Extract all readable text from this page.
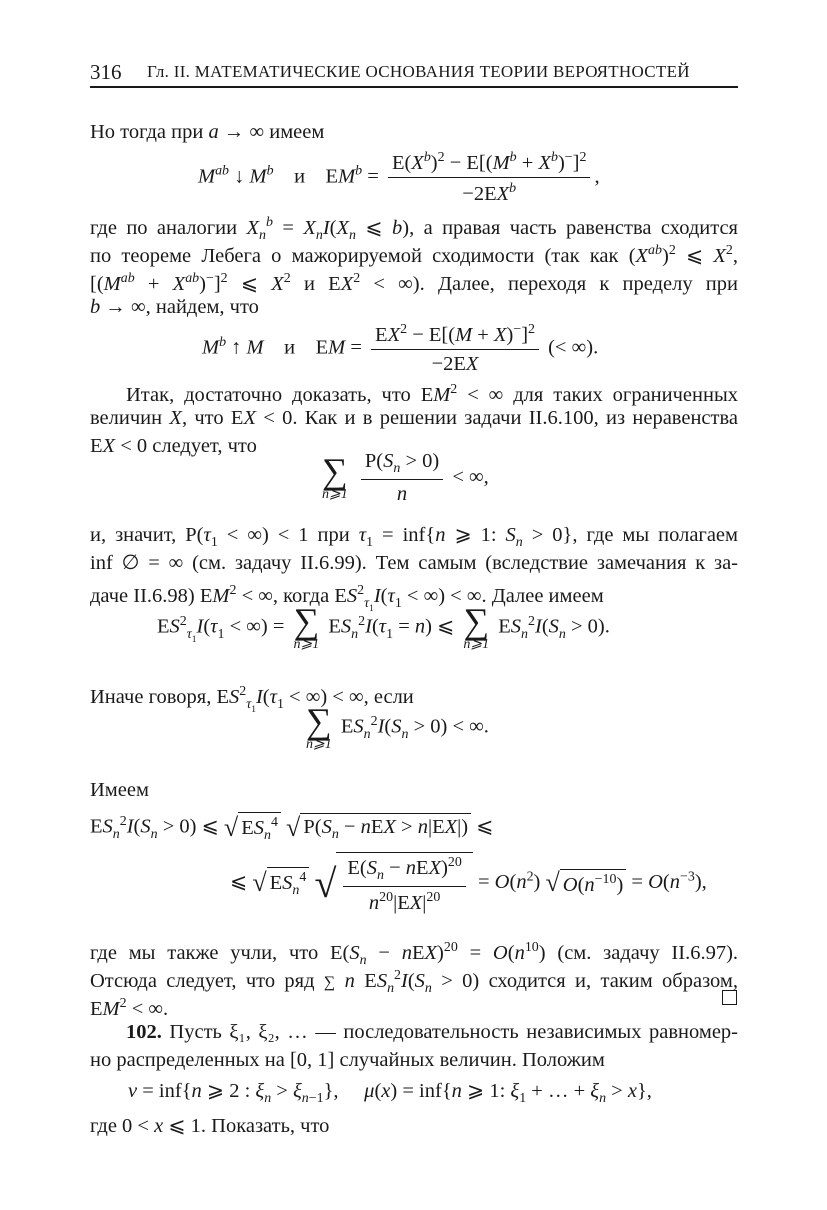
316 Гл. II. МАТЕМАТИЧЕСКИЕ ОСНОВАНИЯ ТЕОРИИ ВЕРОЯТНОСТЕЙ
Но тогда при a → ∞ имеем
$M^{ab}$ ↓ $M^b$ и    $EM^b = \frac{E(X^b)^2 - E[(M^b + X^b)^-]^2}{-2EX^b}$ ,
где по аналогии $X_n^b = X_nI(X_n$ ⩽ b), а правая часть равенства сходится
по теореме Лебега о мажорируемой сходимости (так как $(X^{ab})^2$ ⩽ $X^2$,
$[(M^{ab} + X^{ab})^-]^2$ ⩽ $X^2$ и $EX^2$ < ∞). Далее, переходя к пределу при
b → ∞, найдем, что
$M^b$ ↑ M и    EM = $\frac{EX^2 - E[(M + X)^-]^2}{-2EX}$ (< ∞).
Итак, достаточно доказать, что $EM^2$ < ∞ для таких ограниченных
величин X, что EX < 0. Как и в решении задачи II.6.100, из неравенства
EX < 0 следует, что
∑
n⩾1
$\frac{P(S_n > 0)}{n}$ < ∞,
и, значит, $P(\tau_1$ < ∞) < 1 при $\tau_1 = inf\{n$ ⩾ 1: $S_n > 0$}, где мы полагаем
inf ∅ = ∞ (см. задачу II.6.99). Тем самым (вследствие замечания к за-
даче II.6.98) $EM^2$ < ∞, когда $ES^2_{\tau_1}I(\tau_1$ < ∞) < ∞. Далее имеем
$ES^2_{\tau_1}I(\tau_1$ < ∞) = ∑
n⩾1
$ES_n^2I(\tau_1 = n)$ ⩽ ∑
n⩾1
$ES_n^2I(S_n > 0)$.
Иначе говоря, $ES^2_{\tau_1}I(\tau_1$ < ∞) < ∞, если
∑
n⩾1
$ES_n^2I(S_n > 0)$ < ∞.
Имеем
$ES_n^2I(S_n > 0)$ ⩽ √ $ES_n^4$ √ $P(S_n$ − nEX > n|EX|) ⩽
⩽ √ $ES_n^4$ √ $\frac{E(S_n - nEX)^{20}}{n^{20}|EX|^{20}} = O(n^2)$ √ $O(n^{-10}) = O(n^{-3})$,
где мы также учли, что $E(S_n - nEX)^{20} = O(n^{10})$ (см. задачу II.6.97).
Отсюда следует, что ряд ∑ n $ES_n^2I(S_n > 0)$ сходится и, таким образом,
$EM^2$ < ∞.
102. Пусть ξ₁, ξ₂, … — последовательность независимых равномер-
но распределенных на [0, 1] случайных величин. Положим
ν = inf{n ⩾ 2 : $\xi_n > \xi_{n-1}$},     μ(x) = inf{n ⩾ 1: $\xi_1$ + … + $\xi_n > x$},
где 0 < x ⩽ 1. Показать, что
